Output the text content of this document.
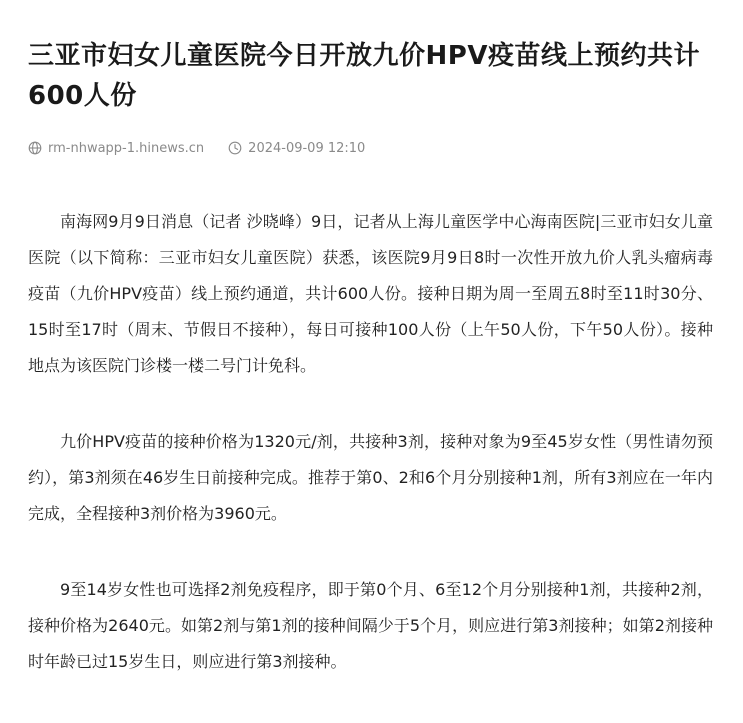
三亚市妇女儿童医院今日开放九价HPV疫苗线上预约共计600人份
rm-nhwapp-1.hinews.cn	2024-09-09 12:10

南海网9月9日消息（记者 沙晓峰）9日，记者从上海儿童医学中心海南医院|三亚市妇女儿童医院（以下简称：三亚市妇女儿童医院）获悉，该医院9月9日8时一次性开放九价人乳头瘤病毒疫苗（九价HPV疫苗）线上预约通道，共计600人份。接种日期为周一至周五8时至11时30分、15时至17时（周末、节假日不接种），每日可接种100人份（上午50人份，下午50人份）。接种地点为该医院门诊楼一楼二号门计免科。

九价HPV疫苗的接种价格为1320元/剂，共接种3剂，接种对象为9至45岁女性（男性请勿预约），第3剂须在46岁生日前接种完成。推荐于第0、2和6个月分别接种1剂，所有3剂应在一年内完成，全程接种3剂价格为3960元。

9至14岁女性也可选择2剂免疫程序，即于第0个月、6至12个月分别接种1剂，共接种2剂，接种价格为2640元。如第2剂与第1剂的接种间隔少于5个月，则应进行第3剂接种；如第2剂接种时年龄已过15岁生日，则应进行第3剂接种。
